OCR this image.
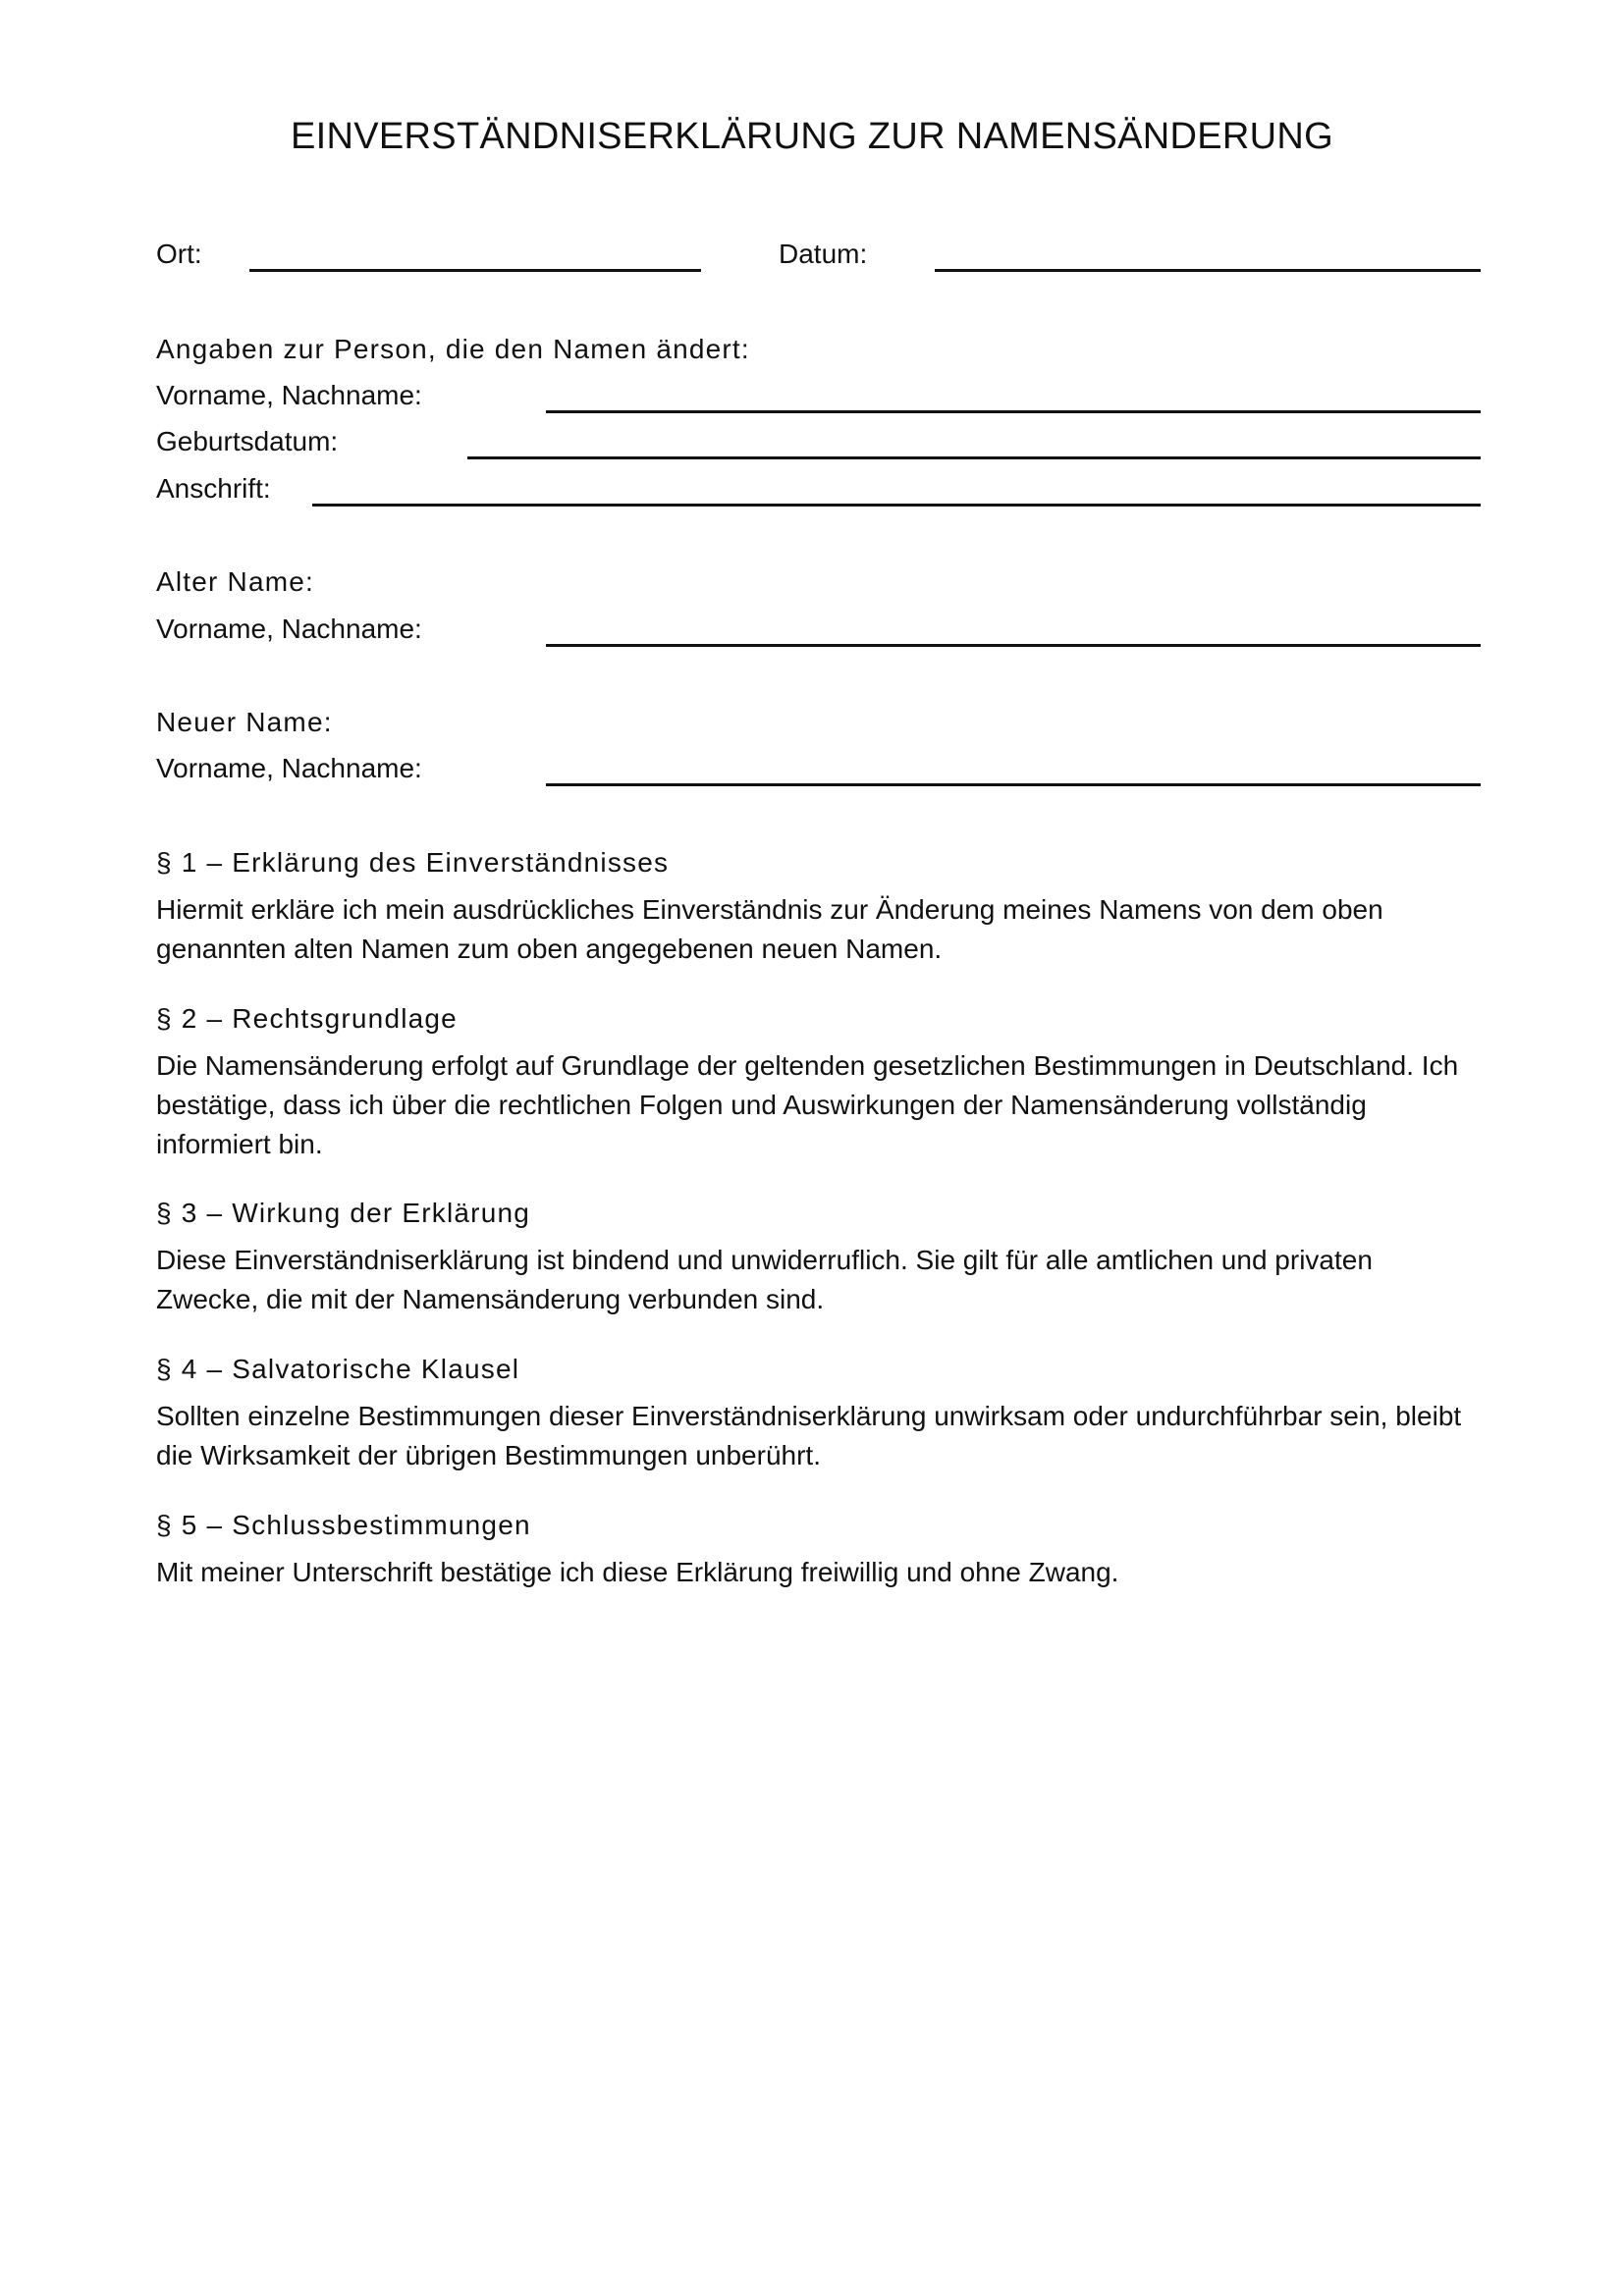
EINVERSTÄNDNISERKLÄRUNG ZUR NAMENSÄNDERUNG
Ort:	Datum:
Angaben zur Person, die den Namen ändert:
Vorname, Nachname:
Geburtsdatum:
Anschrift:
Alter Name:
Vorname, Nachname:
Neuer Name:
Vorname, Nachname:
§ 1 – Erklärung des Einverständnisses

Hiermit erkläre ich mein ausdrückliches Einverständnis zur Änderung meines Namens von dem oben

genannten alten Namen zum oben angegebenen neuen Namen.

§ 2 – Rechtsgrundlage

Die Namensänderung erfolgt auf Grundlage der geltenden gesetzlichen Bestimmungen in Deutschland. Ich

bestätige, dass ich über die rechtlichen Folgen und Auswirkungen der Namensänderung vollständig

informiert bin.

§ 3 – Wirkung der Erklärung

Diese Einverständniserklärung ist bindend und unwiderruflich. Sie gilt für alle amtlichen und privaten

Zwecke, die mit der Namensänderung verbunden sind.

§ 4 – Salvatorische Klausel

Sollten einzelne Bestimmungen dieser Einverständniserklärung unwirksam oder undurchführbar sein, bleibt

die Wirksamkeit der übrigen Bestimmungen unberührt.

§ 5 – Schlussbestimmungen

Mit meiner Unterschrift bestätige ich diese Erklärung freiwillig und ohne Zwang.
